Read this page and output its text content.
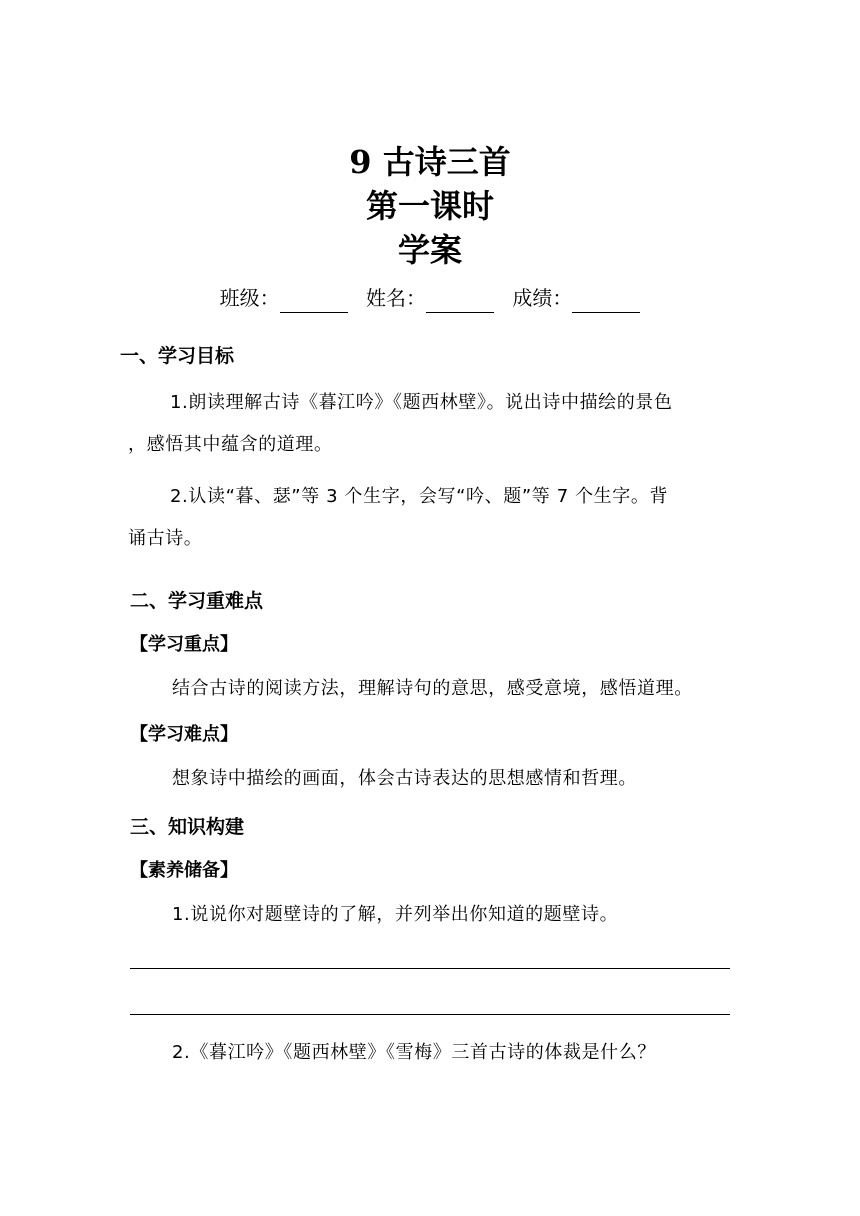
9 古诗三首
第一课时
学案
班级：	姓名：	成绩：
一、学习目标
1.朗读理解古诗《暮江吟》《题西林壁》。说出诗中描绘的景色
，感悟其中蕴含的道理。
2.认读“暮、瑟”等 3 个生字，会写“吟、题”等 7 个生字。背
诵古诗。
二、学习重难点
【学习重点】
结合古诗的阅读方法，理解诗句的意思，感受意境，感悟道理。
【学习难点】
想象诗中描绘的画面，体会古诗表达的思想感情和哲理。
三、知识构建
【素养储备】
1.说说你对题壁诗的了解，并列举出你知道的题壁诗。
2.《暮江吟》《题西林壁》《雪梅》三首古诗的体裁是什么？
